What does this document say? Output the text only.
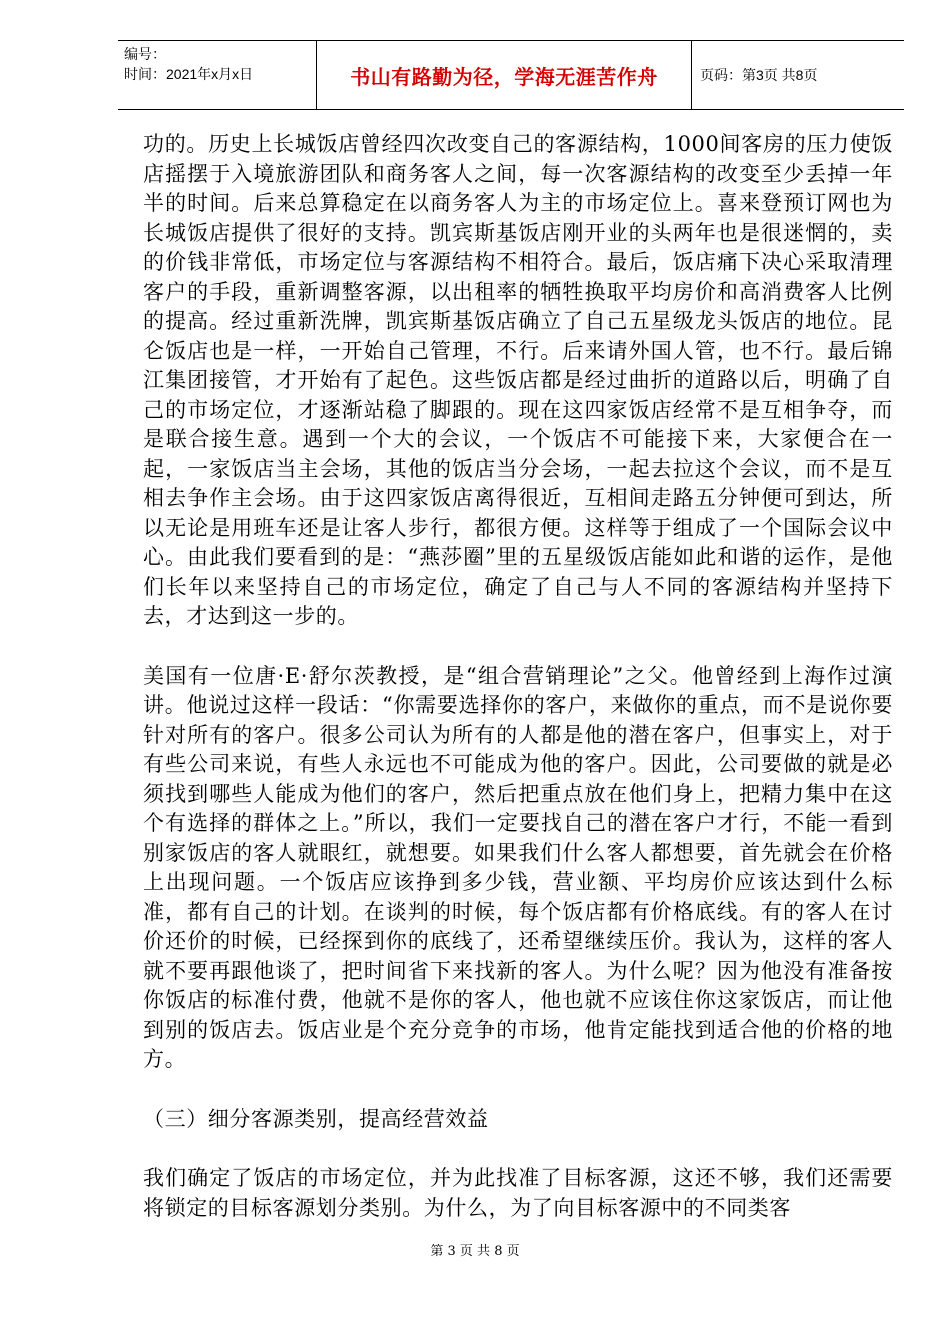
编号：
时间：2021年x月x日	书山有路勤为径，学海无涯苦作舟	页码：第3页 共8页

功的。历史上长城饭店曾经四次改变自己的客源结构，1000间客房的压力使饭店摇摆于入境旅游团队和商务客人之间，每一次客源结构的改变至少丢掉一年半的时间。后来总算稳定在以商务客人为主的市场定位上。喜来登预订网也为长城饭店提供了很好的支持。凯宾斯基饭店刚开业的头两年也是很迷惘的，卖的价钱非常低，市场定位与客源结构不相符合。最后，饭店痛下决心采取清理客户的手段，重新调整客源，以出租率的牺牲换取平均房价和高消费客人比例的提高。经过重新洗牌，凯宾斯基饭店确立了自己五星级龙头饭店的地位。昆仑饭店也是一样，一开始自己管理，不行。后来请外国人管，也不行。最后锦江集团接管，才开始有了起色。这些饭店都是经过曲折的道路以后，明确了自己的市场定位，才逐渐站稳了脚跟的。现在这四家饭店经常不是互相争夺，而是联合接生意。遇到一个大的会议，一个饭店不可能接下来，大家便合在一起，一家饭店当主会场，其他的饭店当分会场，一起去拉这个会议，而不是互相去争作主会场。由于这四家饭店离得很近，互相间走路五分钟便可到达，所以无论是用班车还是让客人步行，都很方便。这样等于组成了一个国际会议中心。由此我们要看到的是：“燕莎圈”里的五星级饭店能如此和谐的运作，是他们长年以来坚持自己的市场定位，确定了自己与人不同的客源结构并坚持下去，才达到这一步的。

美国有一位唐·E·舒尔茨教授，是“组合营销理论”之父。他曾经到上海作过演讲。他说过这样一段话：“你需要选择你的客户，来做你的重点，而不是说你要针对所有的客户。很多公司认为所有的人都是他的潜在客户，但事实上，对于有些公司来说，有些人永远也不可能成为他的客户。因此，公司要做的就是必须找到哪些人能成为他们的客户，然后把重点放在他们身上，把精力集中在这个有选择的群体之上。”所以，我们一定要找自己的潜在客户才行，不能一看到别家饭店的客人就眼红，就想要。如果我们什么客人都想要，首先就会在价格上出现问题。一个饭店应该挣到多少钱，营业额、平均房价应该达到什么标准，都有自己的计划。在谈判的时候，每个饭店都有价格底线。有的客人在讨价还价的时候，已经探到你的底线了，还希望继续压价。我认为，这样的客人就不要再跟他谈了，把时间省下来找新的客人。为什么呢？因为他没有准备按你饭店的标准付费，他就不是你的客人，他也就不应该住你这家饭店，而让他到别的饭店去。饭店业是个充分竞争的市场，他肯定能找到适合他的价格的地方。

（三）细分客源类别，提高经营效益

我们确定了饭店的市场定位，并为此找准了目标客源，这还不够，我们还需要将锁定的目标客源划分类别。为什么，为了向目标客源中的不同类客

第 3 页 共 8 页
